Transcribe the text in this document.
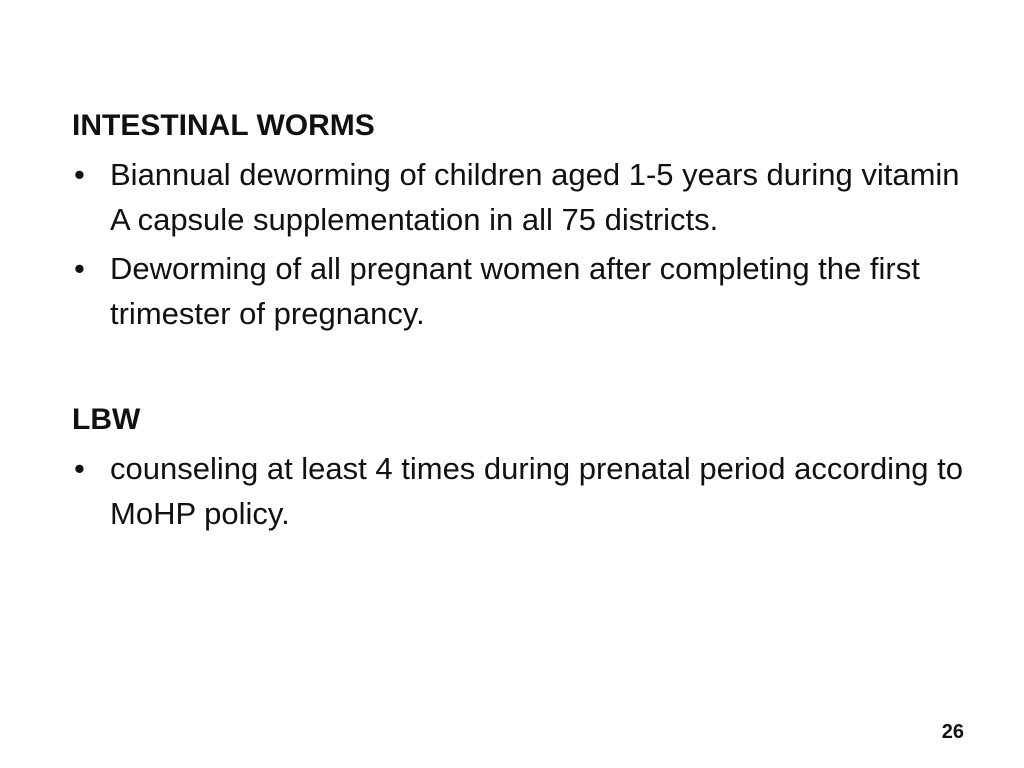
INTESTINAL WORMS
• Biannual deworming of children aged 1-5 years during vitamin A capsule supplementation in all 75 districts.
• Deworming of all pregnant women after completing the first trimester of pregnancy.
LBW
• counseling at least 4 times during prenatal period according to MoHP policy.
26
